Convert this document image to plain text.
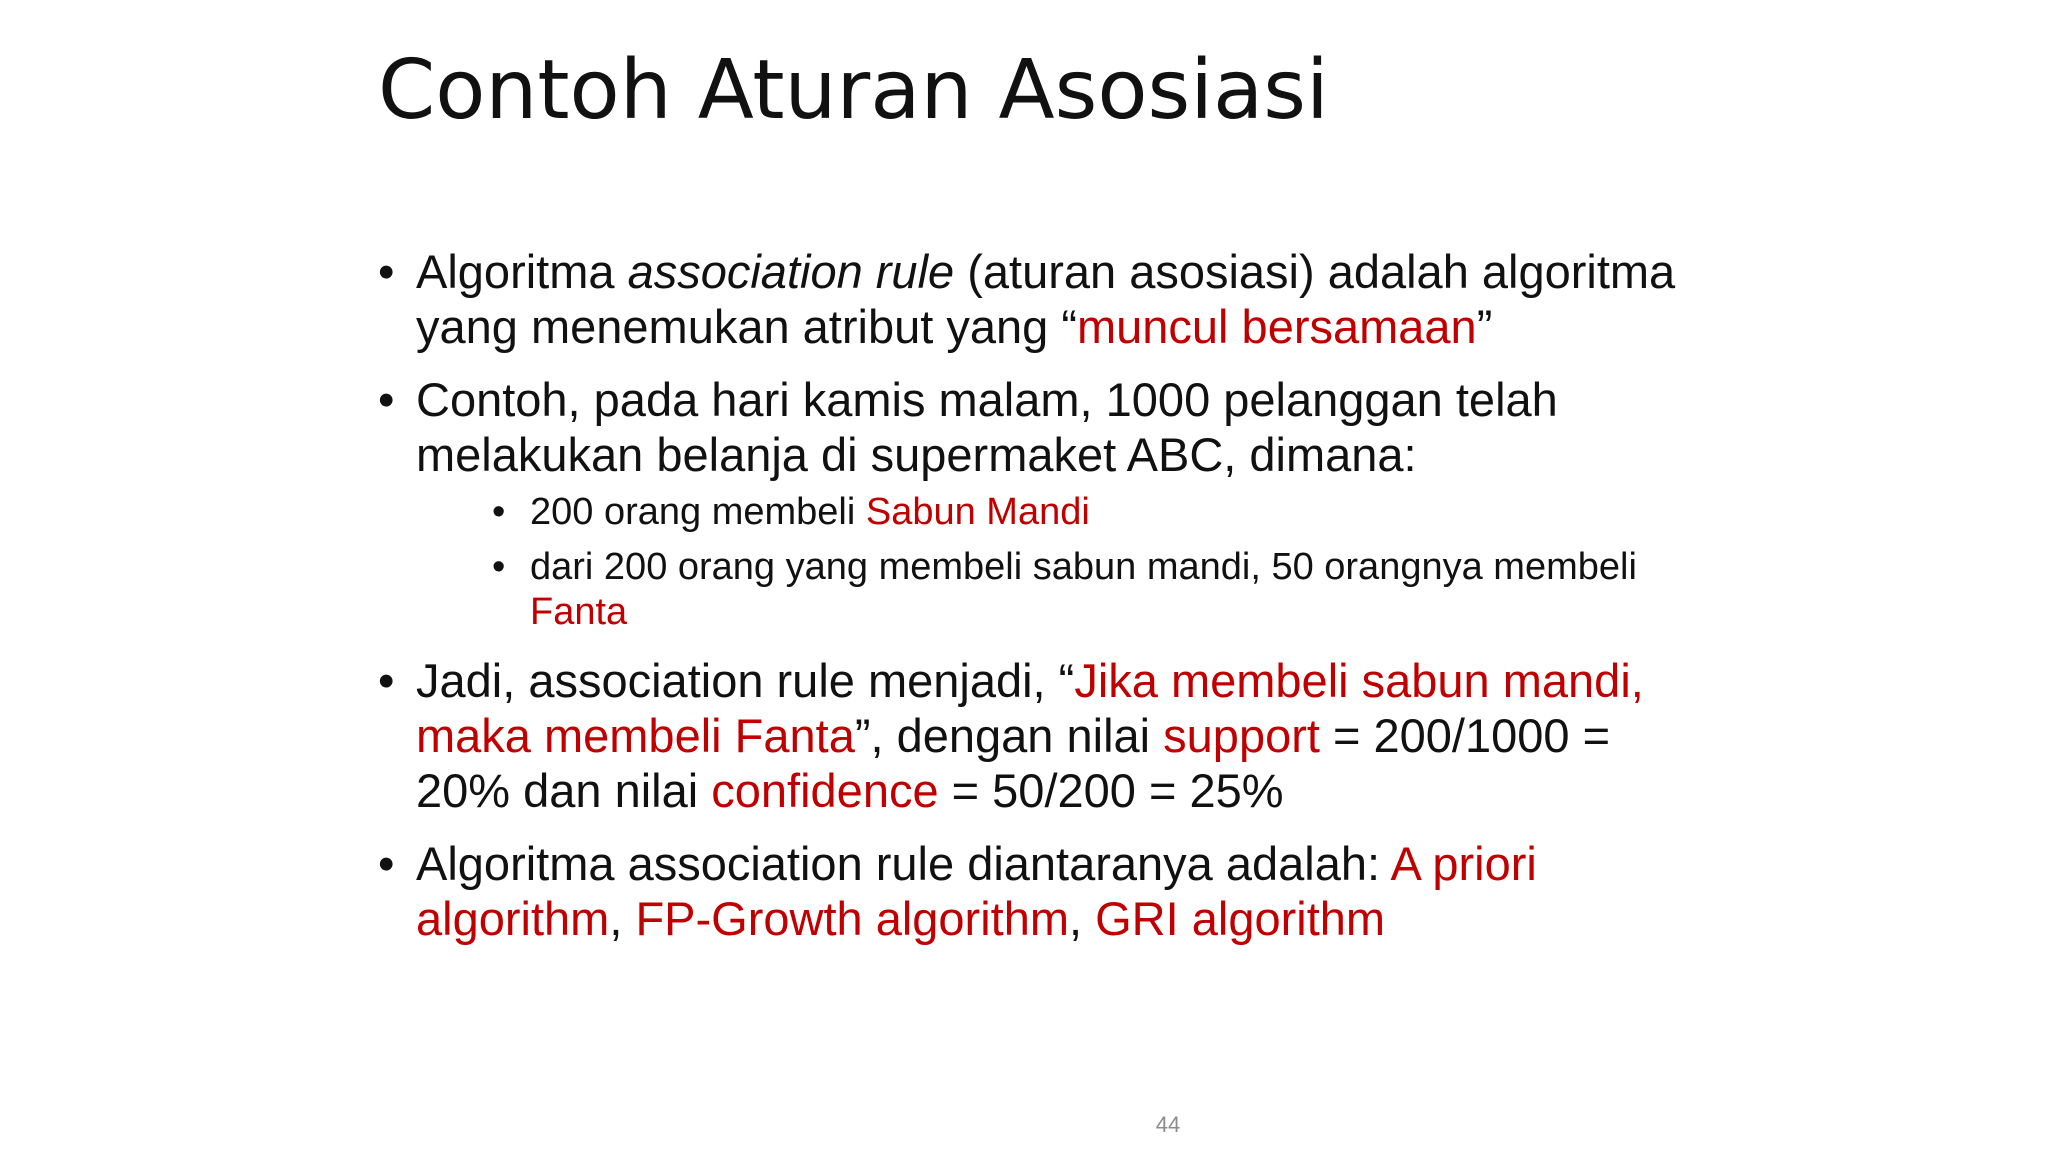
Contoh Aturan Asosiasi
• Algoritma association rule (aturan asosiasi) adalah algoritma yang menemukan atribut yang “muncul bersamaan”
• Contoh, pada hari kamis malam, 1000 pelanggan telah melakukan belanja di supermaket ABC, dimana:
• 200 orang membeli Sabun Mandi
• dari 200 orang yang membeli sabun mandi, 50 orangnya membeli Fanta
• Jadi, association rule menjadi, “Jika membeli sabun mandi, maka membeli Fanta”, dengan nilai support = 200/1000 = 20% dan nilai confidence = 50/200 = 25%
• Algoritma association rule diantaranya adalah: A priori algorithm, FP-Growth algorithm, GRI algorithm
44
